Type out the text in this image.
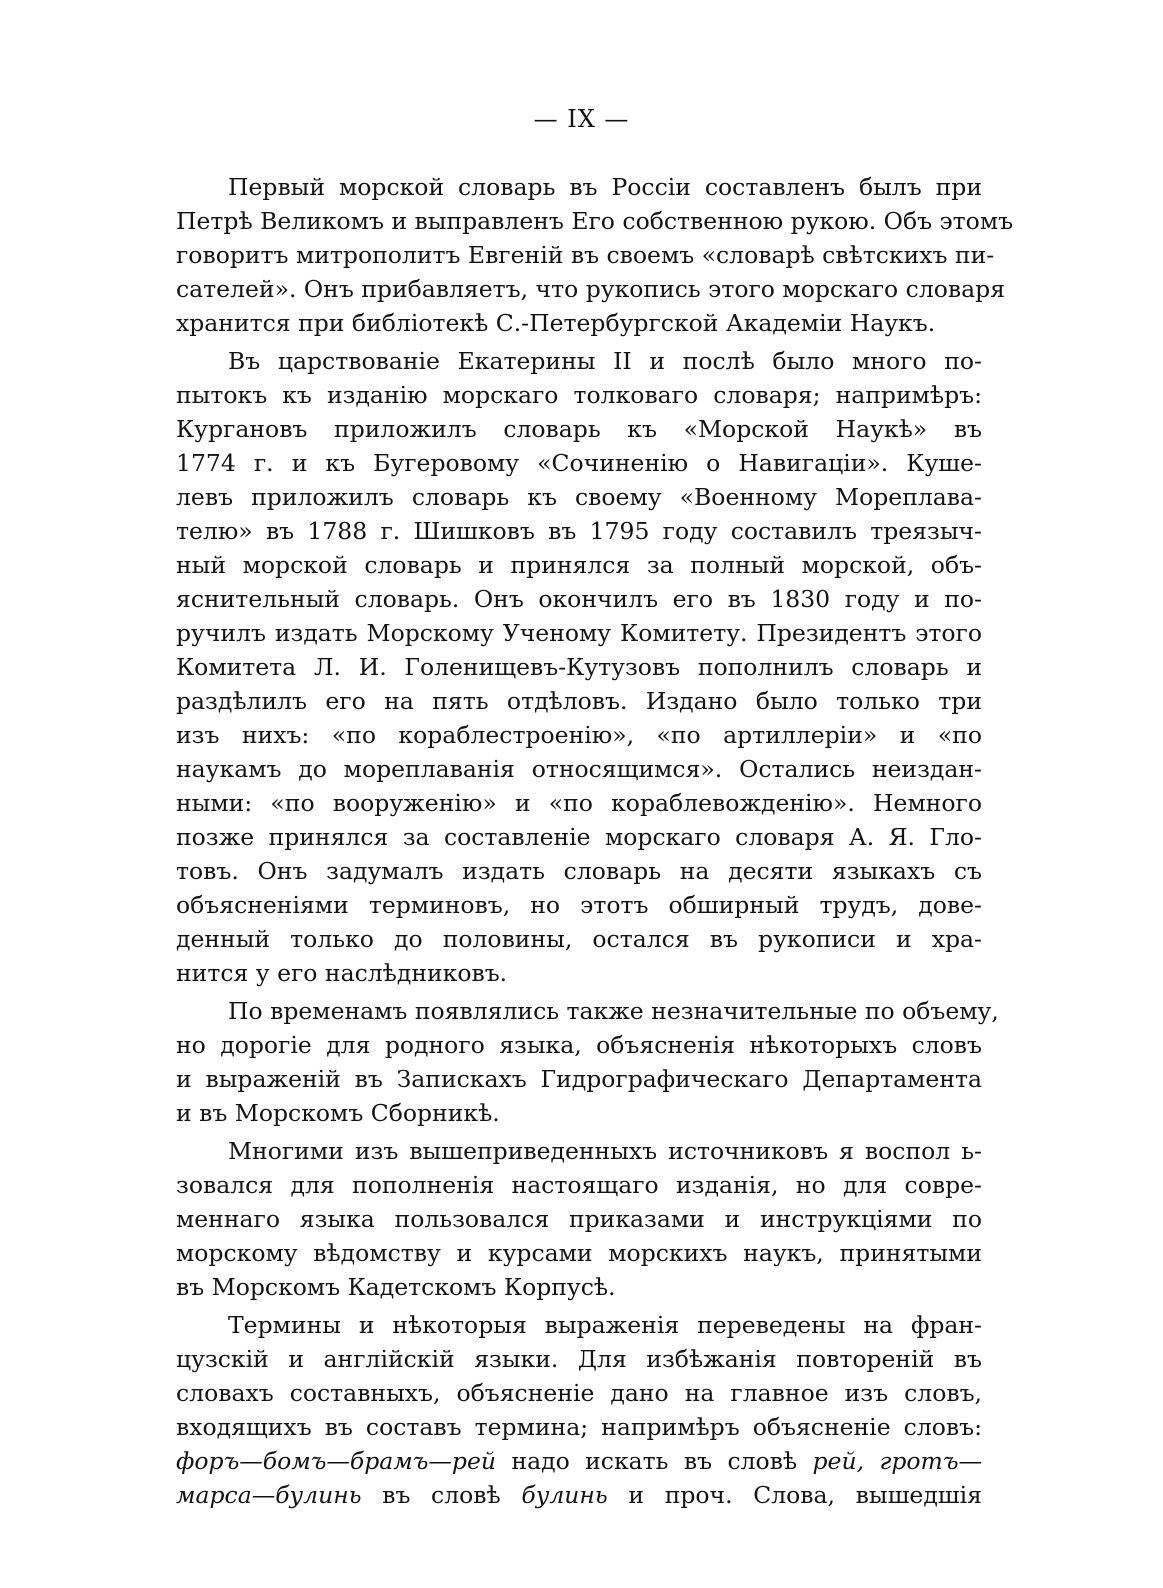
— IX —
Первый морской словарь въ Россіи составленъ былъ при
Петрѣ Великомъ и выправленъ Его собственною рукою. Объ этомъ
говоритъ митрополитъ Евгеній въ своемъ «словарѣ свѣтскихъ пи-
сателей». Онъ прибавляетъ, что рукопись этого морскаго словаря
хранится при библіотекѣ С.-Петербургской Академіи Наукъ.
Въ царствованіе Екатерины II и послѣ было много по-
пытокъ къ изданію морскаго толковаго словаря; напримѣръ:
Кургановъ приложилъ словарь къ «Морской Наукѣ» въ
1774 г. и къ Бугеровому «Сочиненію о Навигаціи». Куше-
левъ приложилъ словарь къ своему «Военному Мореплава-
телю» въ 1788 г. Шишковъ въ 1795 году составилъ треязыч-
ный морской словарь и принялся за полный морской, объ-
яснительный словарь. Онъ окончилъ его въ 1830 году и по-
ручилъ издать Морскому Ученому Комитету. Президентъ этого
Комитета Л. И. Голенищевъ-Кутузовъ пополнилъ словарь и
раздѣлилъ его на пять отдѣловъ. Издано было только три
изъ нихъ: «по кораблестроенію», «по артиллеріи» и «по
наукамъ до мореплаванія относящимся». Остались неиздан-
ными: «по вооруженію» и «по кораблевожденію». Немного
позже принялся за составленіе морскаго словаря А. Я. Гло-
товъ. Онъ задумалъ издать словарь на десяти языкахъ съ
объясненіями терминовъ, но этотъ обширный трудъ, дове-
денный только до половины, остался въ рукописи и хра-
нится у его наслѣдниковъ.
По временамъ появлялись также незначительные по объему,
но дорогіе для родного языка, объясненія нѣкоторыхъ словъ
и выраженій въ Запискахъ Гидрографическаго Департамента
и въ Морскомъ Сборникѣ.
Многими изъ вышеприведенныхъ источниковъ я воспол ь-
зовался для пополненія настоящаго изданія, но для совре-
меннаго языка пользовался приказами и инструкціями по
морскому вѣдомству и курсами морскихъ наукъ, принятыми
въ Морскомъ Кадетскомъ Корпусѣ.
Термины и нѣкоторыя выраженія переведены на фран-
цузскій и англійскій языки. Для избѣжанія повтореній въ
словахъ составныхъ, объясненіе дано на главное изъ словъ,
входящихъ въ составъ термина; напримѣръ объясненіе словъ:
форъ—бомъ—брамъ—рей надо искать въ словѣ рей, гротъ—
марса—булинь въ словѣ булинь и проч. Слова, вышедшія
